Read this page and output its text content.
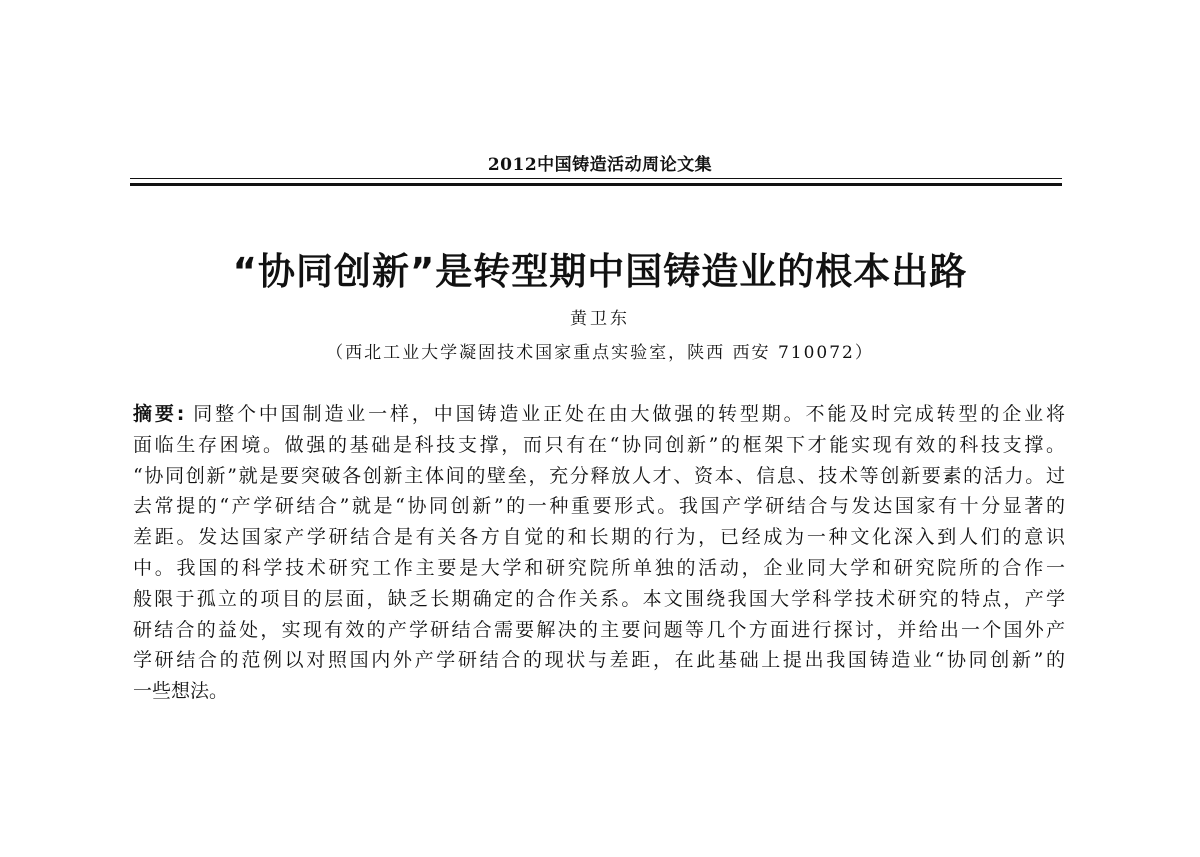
2012中国铸造活动周论文集
“协同创新”是转型期中国铸造业的根本出路
黄卫东
（西北工业大学凝固技术国家重点实验室，陕西 西安 710072）
摘要: 同整个中国制造业一样，中国铸造业正处在由大做强的转型期。不能及时完成转型的企业将
面临生存困境。做强的基础是科技支撑，而只有在“协同创新”的框架下才能实现有效的科技支撑。
“协同创新”就是要突破各创新主体间的壁垒，充分释放人才、资本、信息、技术等创新要素的活力。过
去常提的“产学研结合”就是“协同创新”的一种重要形式。我国产学研结合与发达国家有十分显著的
差距。发达国家产学研结合是有关各方自觉的和长期的行为，已经成为一种文化深入到人们的意识
中。我国的科学技术研究工作主要是大学和研究院所单独的活动，企业同大学和研究院所的合作一
般限于孤立的项目的层面，缺乏长期确定的合作关系。本文围绕我国大学科学技术研究的特点，产学
研结合的益处，实现有效的产学研结合需要解决的主要问题等几个方面进行探讨，并给出一个国外产
学研结合的范例以对照国内外产学研结合的现状与差距，在此基础上提出我国铸造业“协同创新”的
一些想法。
